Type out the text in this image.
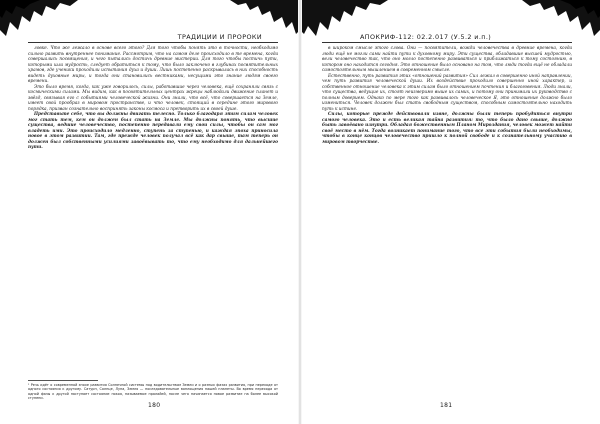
ТРАДИЦИИ И ПРОРОКИ

ловке. Что же лежало в основе всего этого? Для того чтобы понять это в точности, необходимо сильно развить внутреннее понимание. Рассмотрим, что на самом деле происходило в те времена, когда совершались посвящения, и чего пытались достичь древние мистерии. Для того чтобы постичь пути, которыми шла мудрость, следует обратиться к тому, что было заключено в глубинах посвятительных храмов, где ученики проходили испытания духа и души. Лишь постепенно раскрывалась в них способность видеть духовные миры, и тогда они становились вестниками, несущими это знание людям своего времени.

Это было время, когда, как уже говорилось, силы, работавшие через человека, ещё сохраняли связь с космическими силами. Мы видим, как в посвятительных центрах жрецы наблюдали движение планет и звёзд, связывая его с событиями человеческой жизни. Они знали, что всё, что совершается на Земле, имеет свой прообраз в мировом пространстве, и что человек, стоящий в середине этого мирового порядка, призван сознательно воспринять законы космоса и претворить их в своей душе.

Представьте себе, что вы должны двигать телесно. Только благодаря этим силам человек мог стать тем, кем он должен был стать на Земле. Мы должны понять, что высшие существа, ведшие человечество, постепенно передавали ему свои силы, чтобы он сам мог владеть ими. Это происходило медленно, ступень за ступенью, и каждая эпоха приносила новое в этом развитии. Там, где прежде человек получал всё как дар свыше, там теперь он должен был собственными усилиями завоёвывать то, что ему необходимо для дальнейшего пути.

¹ Речь идёт о современной эпохе развития Солнечной системы под водительством Земли и о разных фазах развития, при переходе от одного состояния к другому. Сатурн, Солнце, Луна, Земля — последовательные воплощения нашей планеты. Во время перехода от одной фазы к другой наступает состояние покоя, называемое пралайей, после чего начинается новое развитие на более высокой ступени.
180
АПОКРИФ-112: 02.2.017 (У.5.2 и.п.)

в широком смысле этого слова. Они — посвятители, вожди человечества в древние времена, когда люди ещё не могли сами найти пути к духовному миру. Эти существа, обладавшие высшей мудростью, вели человечество так, что оно могло постепенно развиваться и приближаться к тому состоянию, в котором оно находится сегодня. Это отношение было основано на том, что люди тогда ещё не обладали самостоятельным мышлением в современном смысле.

Естественно, путь развития этих «отношений развития» Сил лежал в совершенно иной направлении, чем путь развития человеческой души. Их воздействие проходило совершенно иной характер, и собственное отношение человека к этим силам было отношением почтения и благоговения. Люди знали, что существа, ведущие их, стоят неизмеримо выше их самих, и потому они принимали их руководство с полным доверием. Однако по мере того как развивалось человеческое Я, это отношение должно было измениться. Человек должен был стать свободным существом, способным самостоятельно находить путь к истине.

Силы, которые прежде действовали извне, должны были теперь пробудиться внутри самого человека. Это и есть великая тайна развития: то, что было дано свыше, должно быть завоёвано изнутри. Обладая божественным Планом Мироздания, человек может найти своё место в нём. Тогда возникает понимание того, что все эти события были необходимы, чтобы в конце концов человечество пришло к полной свободе и к сознательному участию в мировом творчестве.

181
